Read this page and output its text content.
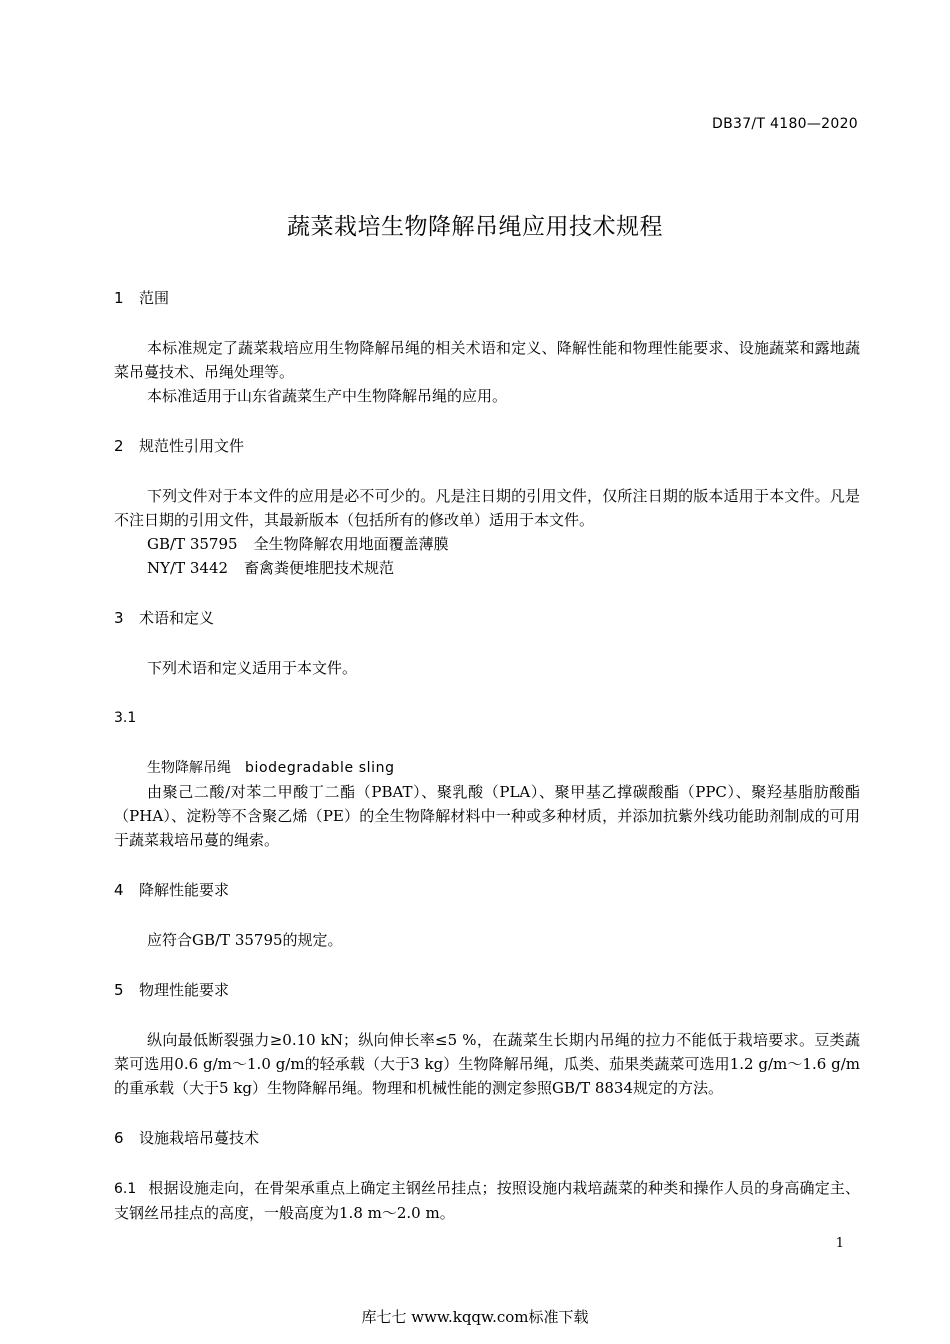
DB37/T 4180—2020
蔬菜栽培生物降解吊绳应用技术规程
1 范围

本标准规定了蔬菜栽培应用生物降解吊绳的相关术语和定义、降解性能和物理性能要求、设施蔬菜和露地蔬菜吊蔓技术、吊绳处理等。

本标准适用于山东省蔬菜生产中生物降解吊绳的应用。

2 规范性引用文件

下列文件对于本文件的应用是必不可少的。凡是注日期的引用文件，仅所注日期的版本适用于本文件。凡是不注日期的引用文件，其最新版本（包括所有的修改单）适用于本文件。

GB/T 35795 全生物降解农用地面覆盖薄膜
NY/T 3442 畜禽粪便堆肥技术规范
3 术语和定义

下列术语和定义适用于本文件。

3.1
生物降解吊绳 biodegradable sling

由聚己二酸/对苯二甲酸丁二酯（PBAT）、聚乳酸（PLA）、聚甲基乙撑碳酸酯（PPC）、聚羟基脂肪酸酯（PHA）、淀粉等不含聚乙烯（PE）的全生物降解材料中一种或多种材质，并添加抗紫外线功能助剂制成的可用于蔬菜栽培吊蔓的绳索。

4 降解性能要求

应符合GB/T 35795的规定。

5 物理性能要求

纵向最低断裂强力≥0.10 kN；纵向伸长率≤5 %，在蔬菜生长期内吊绳的拉力不能低于栽培要求。豆类蔬菜可选用0.6 g/m～1.0 g/m的轻承载（大于3 kg）生物降解吊绳，瓜类、茄果类蔬菜可选用1.2 g/m～1.6 g/m的重承载（大于5 kg）生物降解吊绳。物理和机械性能的测定参照GB/T 8834规定的方法。

6 设施栽培吊蔓技术

6.1 根据设施走向，在骨架承重点上确定主钢丝吊挂点；按照设施内栽培蔬菜的种类和操作人员的身高确定主、支钢丝吊挂点的高度，一般高度为1.8 m～2.0 m。

1
库七七 www.kqqw.com标准下载
